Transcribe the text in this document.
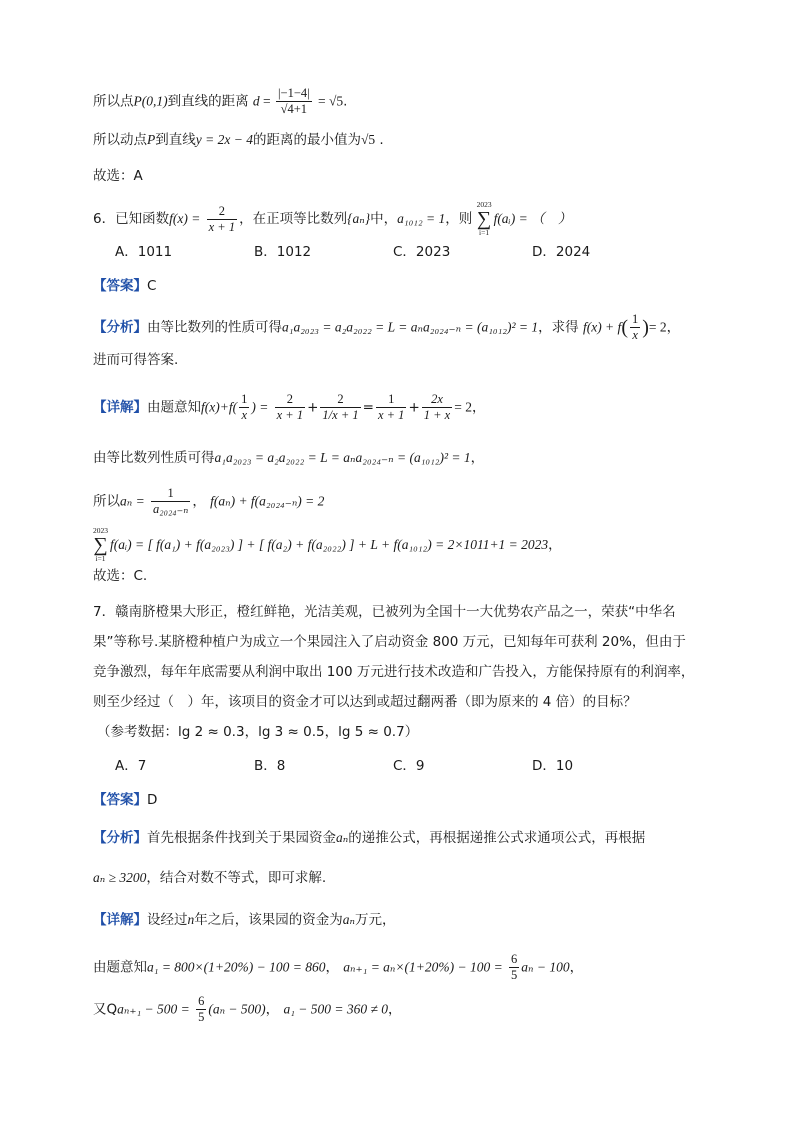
所以点P(0,1)到直线的距离 $d = \frac{|-1-4|}{√4+1} = √5$.
所以动点P到直线y = 2x − 4的距离的最小值为√5 .
故选：A
6．已知函数$f(x) = \frac{2}{x + 1}$ ，在正项等比数列{aₙ}中，a₁₀₁₂ = 1，则
2023
∑
i=1
f(aᵢ) = （　）
A．1011	B．1012	C．2023	D．2024
【答案】C
【分析】由等比数列的性质可得a₁a₂₀₂₃ = a₂a₂₀₂₂ = L = aₙa₂₀₂₄₋ₙ = (a₁₀₁₂)² = 1，求得 $f(x) + f( \frac{1}{x}$ )= 2，
进而可得答案.
【详解】由题意知$f(x)+f( \frac{1}{x}$ ) = $\frac{2}{x + 1} + \frac{2}{1/x + 1} = \frac{1}{x + 1} + \frac{2x}{1 + x} = 2$，
由等比数列性质可得a₁a₂₀₂₃ = a₂a₂₀₂₂ = L = aₙa₂₀₂₄₋ₙ = (a₁₀₁₂)² = 1，
所以$a_n = \frac{1}{\text{a₂₀₂₄₋ₙ}}$ ， f(aₙ) + f(a₂₀₂₄₋ₙ) = 2
2023
∑
i=1
f(aᵢ) = [ f(a₁) + f(a₂₀₂₃) ] + [ f(a₂) + f(a₂₀₂₂) ] + L + f(a₁₀₁₂) = 2×1011+1 = 2023，
故选：C.
7．赣南脐橙果大形正，橙红鲜艳，光洁美观，已被列为全国十一大优势农产品之一，荣获“中华名
果”等称号.某脐橙种植户为成立一个果园注入了启动资金 800 万元，已知每年可获利 20%，但由于
竞争激烈，每年年底需要从利润中取出 100 万元进行技术改造和广告投入，方能保持原有的利润率，
则至少经过（　）年，该项目的资金才可以达到或超过翻两番（即为原来的 4 倍）的目标？
（参考数据：lg 2 ≈ 0.3，lg 3 ≈ 0.5，lg 5 ≈ 0.7）
A．7	B．8	C．9	D．10
【答案】D
【分析】首先根据条件找到关于果园资金aₙ的递推公式，再根据递推公式求通项公式，再根据
aₙ ≥ 3200，结合对数不等式，即可求解.
【详解】设经过n年之后，该果园的资金为aₙ万元，
由题意知a₁ = 800×(1+20%) − 100 = 860， $a_{n+1} = a_n\times(1+20\%) - 100 = \frac{6}{5}$ aₙ − 100，
又$Qa_{n+1} - 500 = \frac{6}{5} (a_n - 500)$， a₁ − 500 = 360 ≠ 0，
